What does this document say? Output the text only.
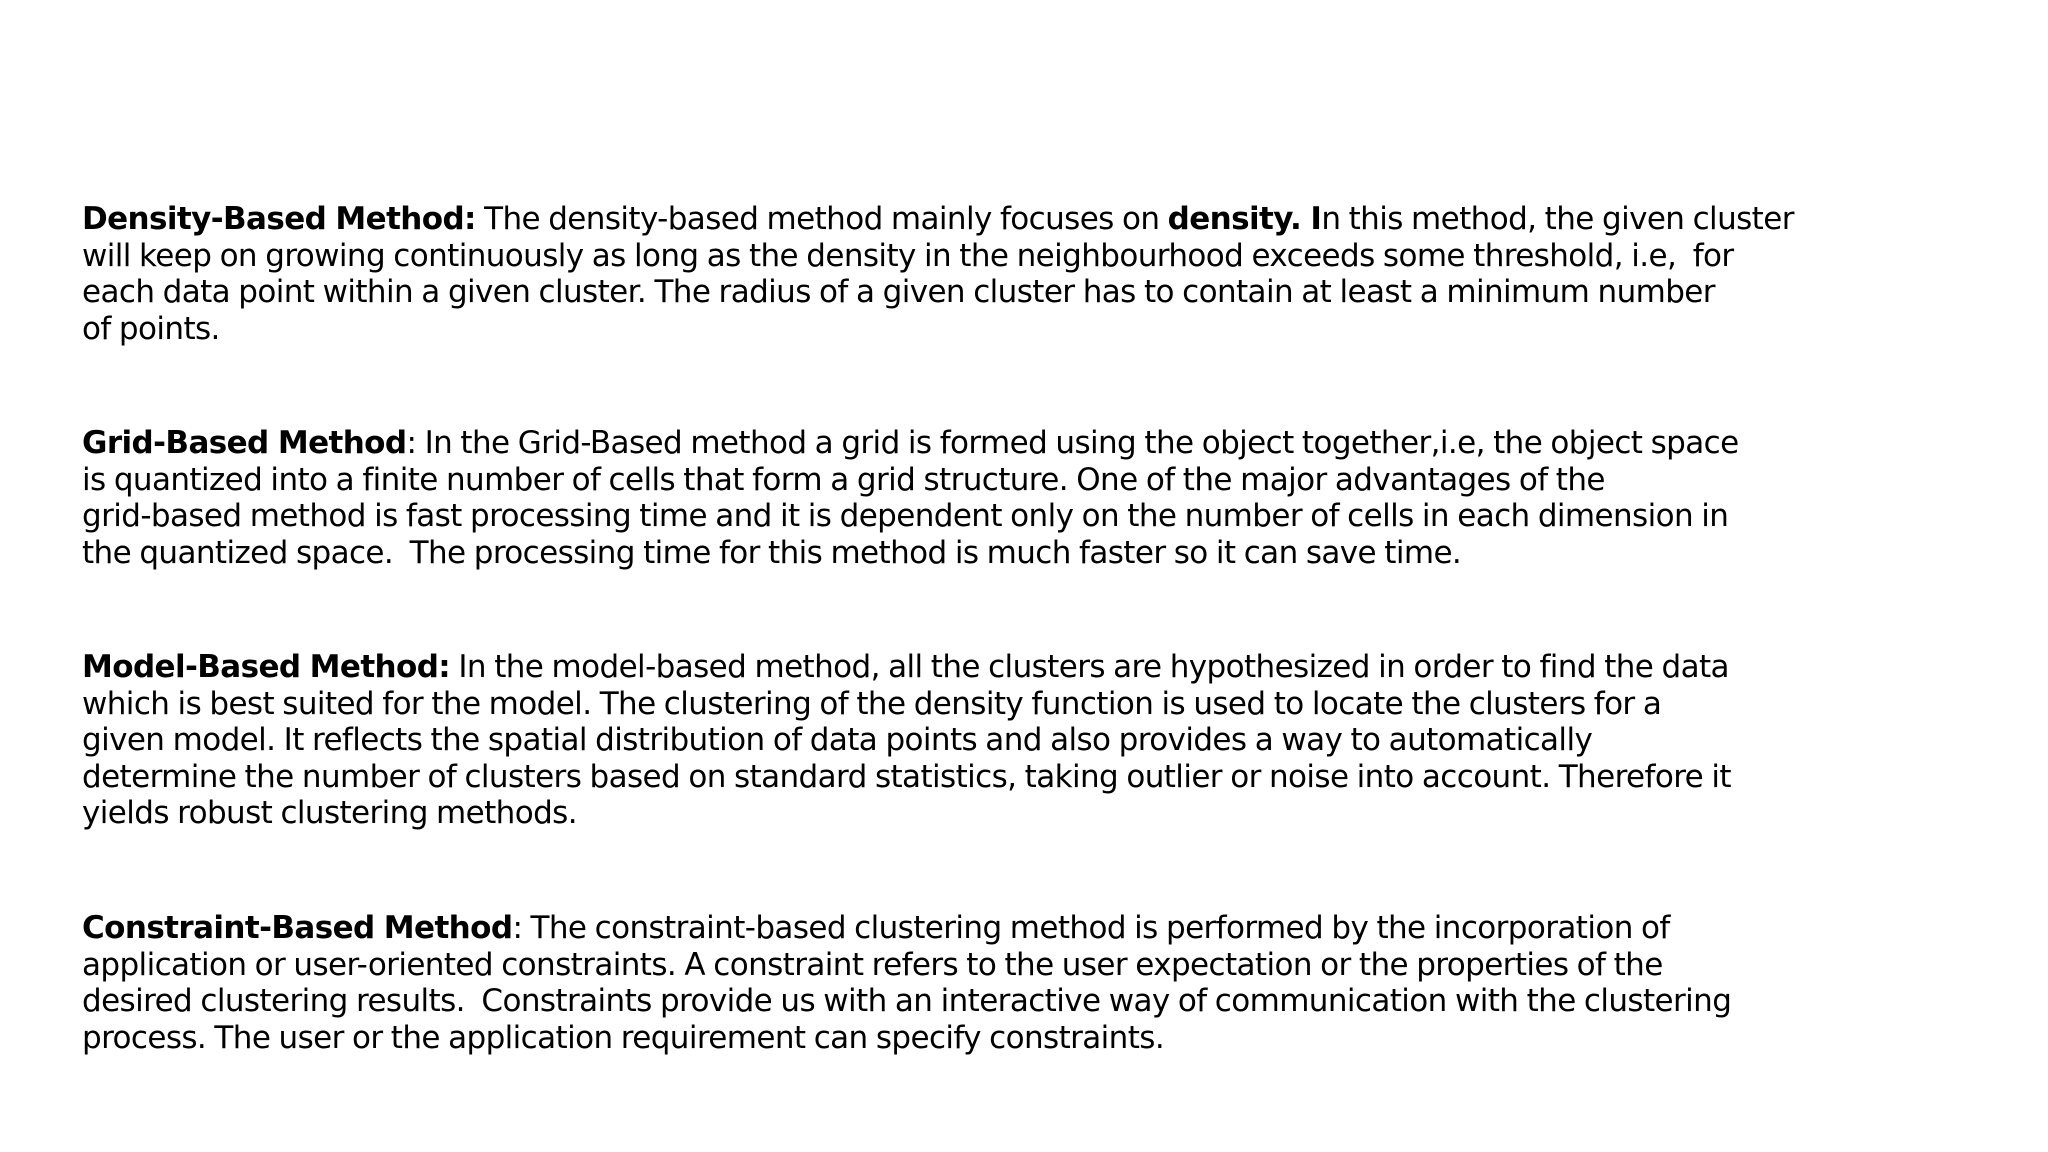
Density-Based Method: The density-based method mainly focuses on density. In this method, the given cluster
will keep on growing continuously as long as the density in the neighbourhood exceeds some threshold, i.e,  for
each data point within a given cluster. The radius of a given cluster has to contain at least a minimum number
of points.

Grid-Based Method: In the Grid-Based method a grid is formed using the object together,i.e, the object space
is quantized into a finite number of cells that form a grid structure. One of the major advantages of the
grid-based method is fast processing time and it is dependent only on the number of cells in each dimension in
the quantized space.  The processing time for this method is much faster so it can save time.

Model-Based Method: In the model-based method, all the clusters are hypothesized in order to find the data
which is best suited for the model. The clustering of the density function is used to locate the clusters for a
given model. It reflects the spatial distribution of data points and also provides a way to automatically
determine the number of clusters based on standard statistics, taking outlier or noise into account. Therefore it
yields robust clustering methods.

Constraint-Based Method: The constraint-based clustering method is performed by the incorporation of
application or user-oriented constraints. A constraint refers to the user expectation or the properties of the
desired clustering results.  Constraints provide us with an interactive way of communication with the clustering
process. The user or the application requirement can specify constraints.
